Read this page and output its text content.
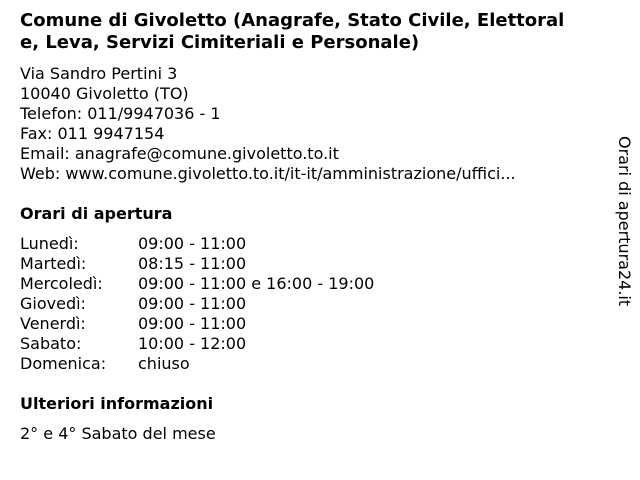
Comune di Givoletto (Anagrafe, Stato Civile, Elettorale, Leva, Servizi Cimiteriali e Personale)
Via Sandro Pertini 3
10040 Givoletto (TO)
Telefon: 011/9947036 - 1
Fax: 011 9947154
Email: anagrafe@comune.givoletto.to.it
Web: www.comune.givoletto.to.it/it-it/amministrazione/uffici...
Orari di apertura
Lunedì:	09:00 - 11:00
Martedì:	08:15 - 11:00
Mercoledì: 09:00 - 11:00 e 16:00 - 19:00
Giovedì:	09:00 - 11:00
Venerdì:	09:00 - 11:00
Sabato:	10:00 - 12:00
Domenica: chiuso
Ulteriori informazioni
2° e 4° Sabato del mese
Orari di apertura24.it
